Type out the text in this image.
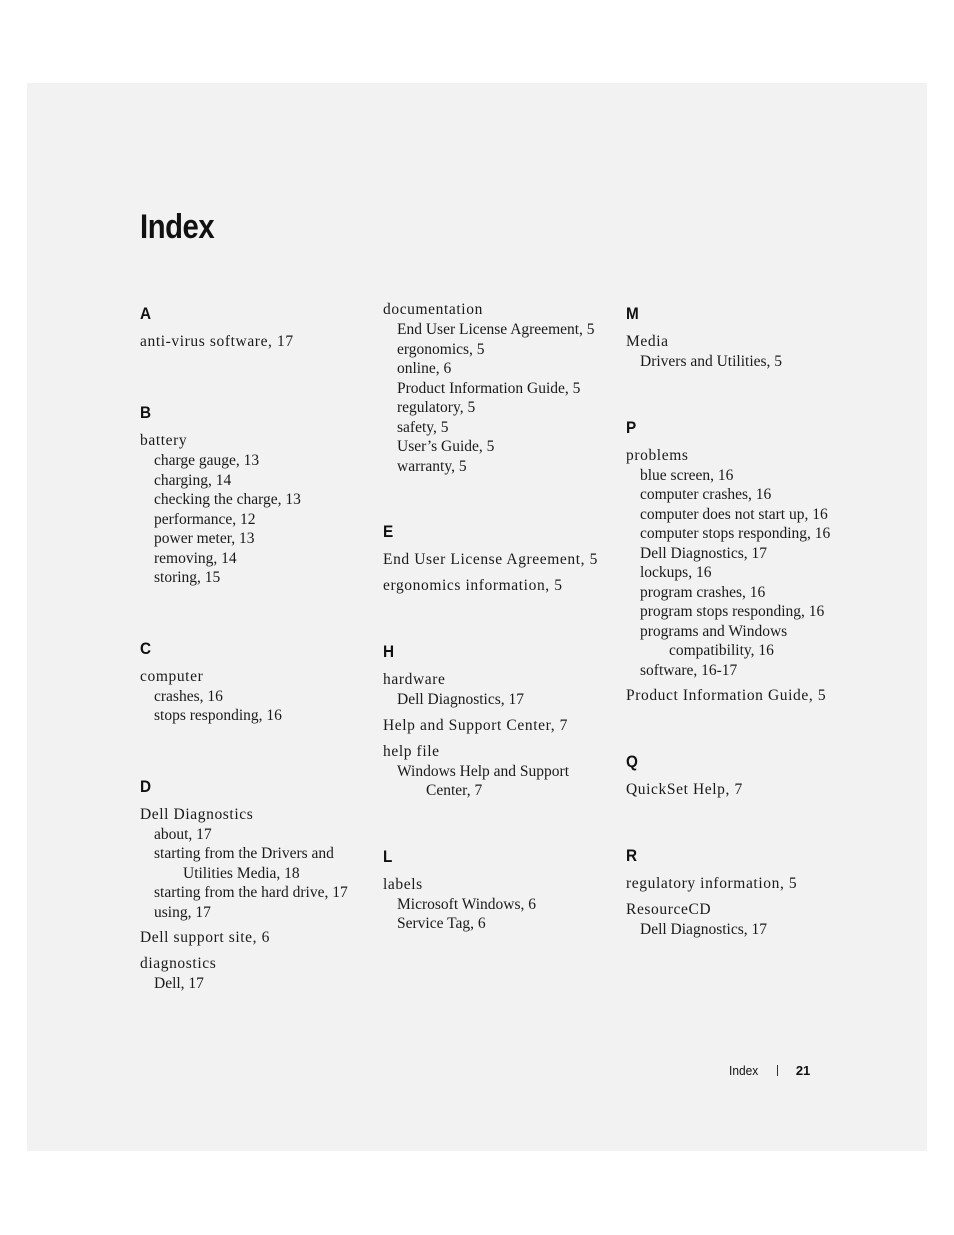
Index
A
anti-virus software, 17
B
battery
charge gauge, 13
charging, 14
checking the charge, 13
performance, 12
power meter, 13
removing, 14
storing, 15
C
computer
crashes, 16
stops responding, 16
D
Dell Diagnostics
about, 17
starting from the Drivers and Utilities Media, 18
starting from the hard drive, 17
using, 17
Dell support site, 6
diagnostics
Dell, 17
documentation
End User License Agreement, 5
ergonomics, 5
online, 6
Product Information Guide, 5
regulatory, 5
safety, 5
User’s Guide, 5
warranty, 5
E
End User License Agreement, 5
ergonomics information, 5
H
hardware
Dell Diagnostics, 17
Help and Support Center, 7
help file
Windows Help and Support Center, 7
L
labels
Microsoft Windows, 6
Service Tag, 6
M
Media
Drivers and Utilities, 5
P
problems
blue screen, 16
computer crashes, 16
computer does not start up, 16
computer stops responding, 16
Dell Diagnostics, 17
lockups, 16
program crashes, 16
program stops responding, 16
programs and Windows compatibility, 16
software, 16-17
Product Information Guide, 5
Q
QuickSet Help, 7
R
regulatory information, 5
ResourceCD
Dell Diagnostics, 17
Index	21
